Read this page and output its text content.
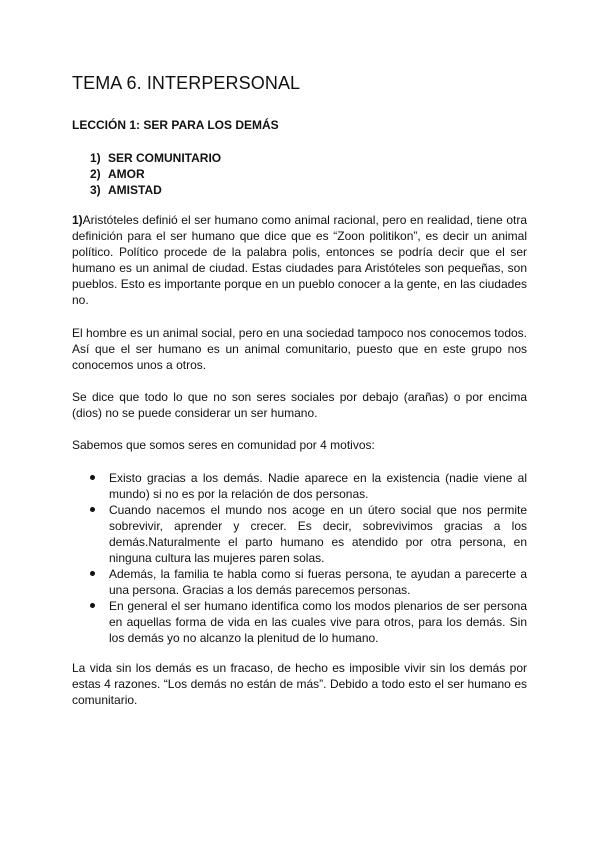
TEMA 6. INTERPERSONAL
LECCIÓN 1: SER PARA LOS DEMÁS
1) SER COMUNITARIO
2) AMOR
3) AMISTAD

1)Aristóteles definió el ser humano como animal racional, pero en realidad, tiene otra definición para el ser humano que dice que es “Zoon politikon”, es decir un animal político. Político procede de la palabra polis, entonces se podría decir que el ser humano es un animal de ciudad. Estas ciudades para Aristóteles son pequeñas, son pueblos. Esto es importante porque en un pueblo conocer a la gente, en las ciudades no.

El hombre es un animal social, pero en una sociedad tampoco nos conocemos todos. Así que el ser humano es un animal comunitario, puesto que en este grupo nos conocemos unos a otros.

Se dice que todo lo que no son seres sociales por debajo (arañas) o por encima (dios) no se puede considerar un ser humano.

Sabemos que somos seres en comunidad por 4 motivos:

Existo gracias a los demás. Nadie aparece en la existencia (nadie viene al mundo) si no es por la relación de dos personas.
Cuando nacemos el mundo nos acoge en un útero social que nos permite sobrevivir, aprender y crecer. Es decir, sobrevivimos gracias a los demás.Naturalmente el parto humano es atendido por otra persona, en ninguna cultura las mujeres paren solas.
Además, la familia te habla como si fueras persona, te ayudan a parecerte a una persona. Gracias a los demás parecemos personas.
En general el ser humano identifica como los modos plenarios de ser persona en aquellas forma de vida en las cuales vive para otros, para los demás. Sin los demás yo no alcanzo la plenitud de lo humano.

La vida sin los demás es un fracaso, de hecho es imposible vivir sin los demás por estas 4 razones. “Los demás no están de más”. Debido a todo esto el ser humano es comunitario.
